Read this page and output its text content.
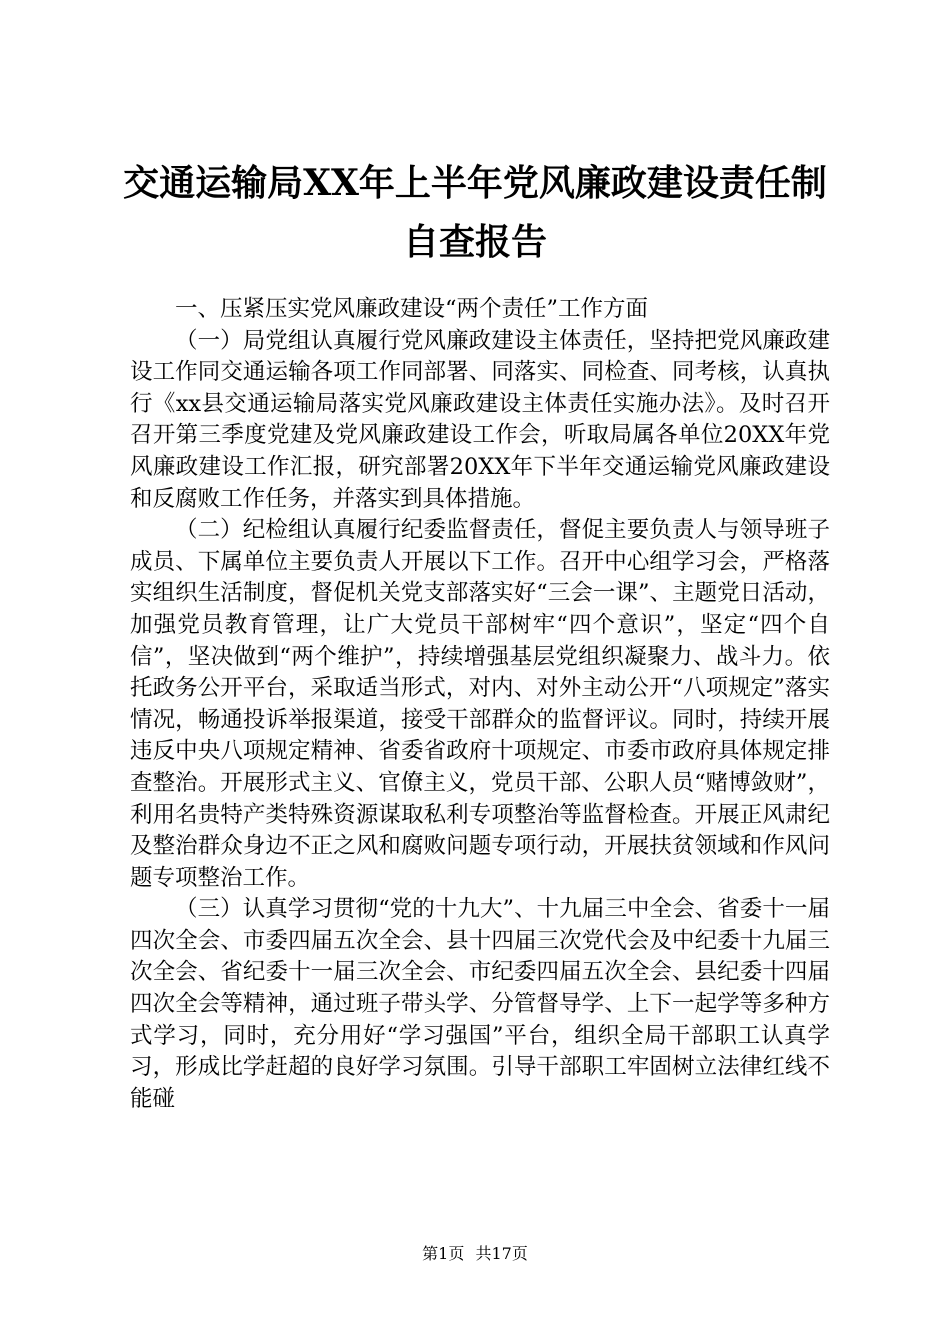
交通运输局XX年上半年党风廉政建设责任制
自查报告

一、压紧压实党风廉政建设“两个责任”工作方面

（一）局党组认真履行党风廉政建设主体责任，坚持把党风廉政建设工作同交通运输各项工作同部署、同落实、同检查、同考核，认真执行《xx县交通运输局落实党风廉政建设主体责任实施办法》。及时召开召开第三季度党建及党风廉政建设工作会，听取局属各单位20XX年党风廉政建设工作汇报，研究部署20XX年下半年交通运输党风廉政建设和反腐败工作任务，并落实到具体措施。

（二）纪检组认真履行纪委监督责任，督促主要负责人与领导班子成员、下属单位主要负责人开展以下工作。召开中心组学习会，严格落实组织生活制度，督促机关党支部落实好“三会一课”、主题党日活动，加强党员教育管理，让广大党员干部树牢“四个意识”，坚定“四个自信”，坚决做到“两个维护”，持续增强基层党组织凝聚力、战斗力。依托政务公开平台，采取适当形式，对内、对外主动公开“八项规定”落实情况，畅通投诉举报渠道，接受干部群众的监督评议。同时，持续开展违反中央八项规定精神、省委省政府十项规定、市委市政府具体规定排查整治。开展形式主义、官僚主义，党员干部、公职人员“赌博敛财”，利用名贵特产类特殊资源谋取私利专项整治等监督检查。开展正风肃纪及整治群众身边不正之风和腐败问题专项行动，开展扶贫领域和作风问题专项整治工作。

（三）认真学习贯彻“党的十九大”、十九届三中全会、省委十一届四次全会、市委四届五次全会、县十四届三次党代会及中纪委十九届三次全会、省纪委十一届三次全会、市纪委四届五次全会、县纪委十四届四次全会等精神，通过班子带头学、分管督导学、上下一起学等多种方式学习，同时，充分用好“学习强国”平台，组织全局干部职工认真学习，形成比学赶超的良好学习氛围。引导干部职工牢固树立法律红线不能碰

第1页 共17页
